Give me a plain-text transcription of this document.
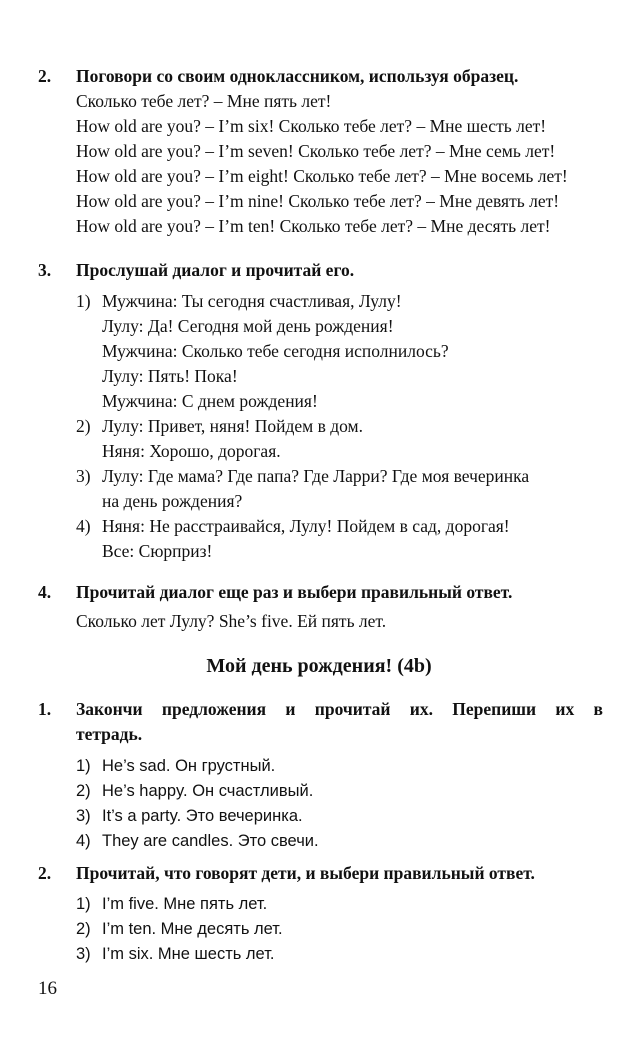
2.	Поговори со своим одноклассником, используя образец.
Сколько тебе лет? – Мне пять лет!
How old are you? – I’m six! Сколько тебе лет? – Мне шесть лет!
How old are you? – I’m seven! Сколько тебе лет? – Мне семь лет!
How old are you? – I’m eight! Сколько тебе лет? – Мне восемь лет!
How old are you? – I’m nine! Сколько тебе лет? – Мне девять лет!
How old are you? – I’m ten! Сколько тебе лет? – Мне десять лет!
3.	Прослушай диалог и прочитай его.
1) Мужчина: Ты сегодня счастливая, Лулу!
Лулу: Да! Сегодня мой день рождения!
Мужчина: Сколько тебе сегодня исполнилось?
Лулу: Пять! Пока!
Мужчина: С днем рождения!
2) Лулу: Привет, няня! Пойдем в дом.
Няня: Хорошо, дорогая.
3) Лулу: Где мама? Где папа? Где Ларри? Где моя вечеринка
на день рождения?
4) Няня: Не расстраивайся, Лулу! Пойдем в сад, дорогая!
Все: Сюрприз!
4.	Прочитай диалог еще раз и выбери правильный ответ.
Сколько лет Лулу? She’s five. Ей пять лет.
Мой день рождения! (4b)
1.	Закончи предложения и прочитай их. Перепиши их в
тетрадь.
1) He’s sad. Он грустный.
2) He’s happy. Он счастливый.
3) It’s a party. Это вечеринка.
4) They are candles. Это свечи.
2.	Прочитай, что говорят дети, и выбери правильный ответ.
1) I’m five. Мне пять лет.
2) I’m ten. Мне десять лет.
3) I’m six. Мне шесть лет.
16
